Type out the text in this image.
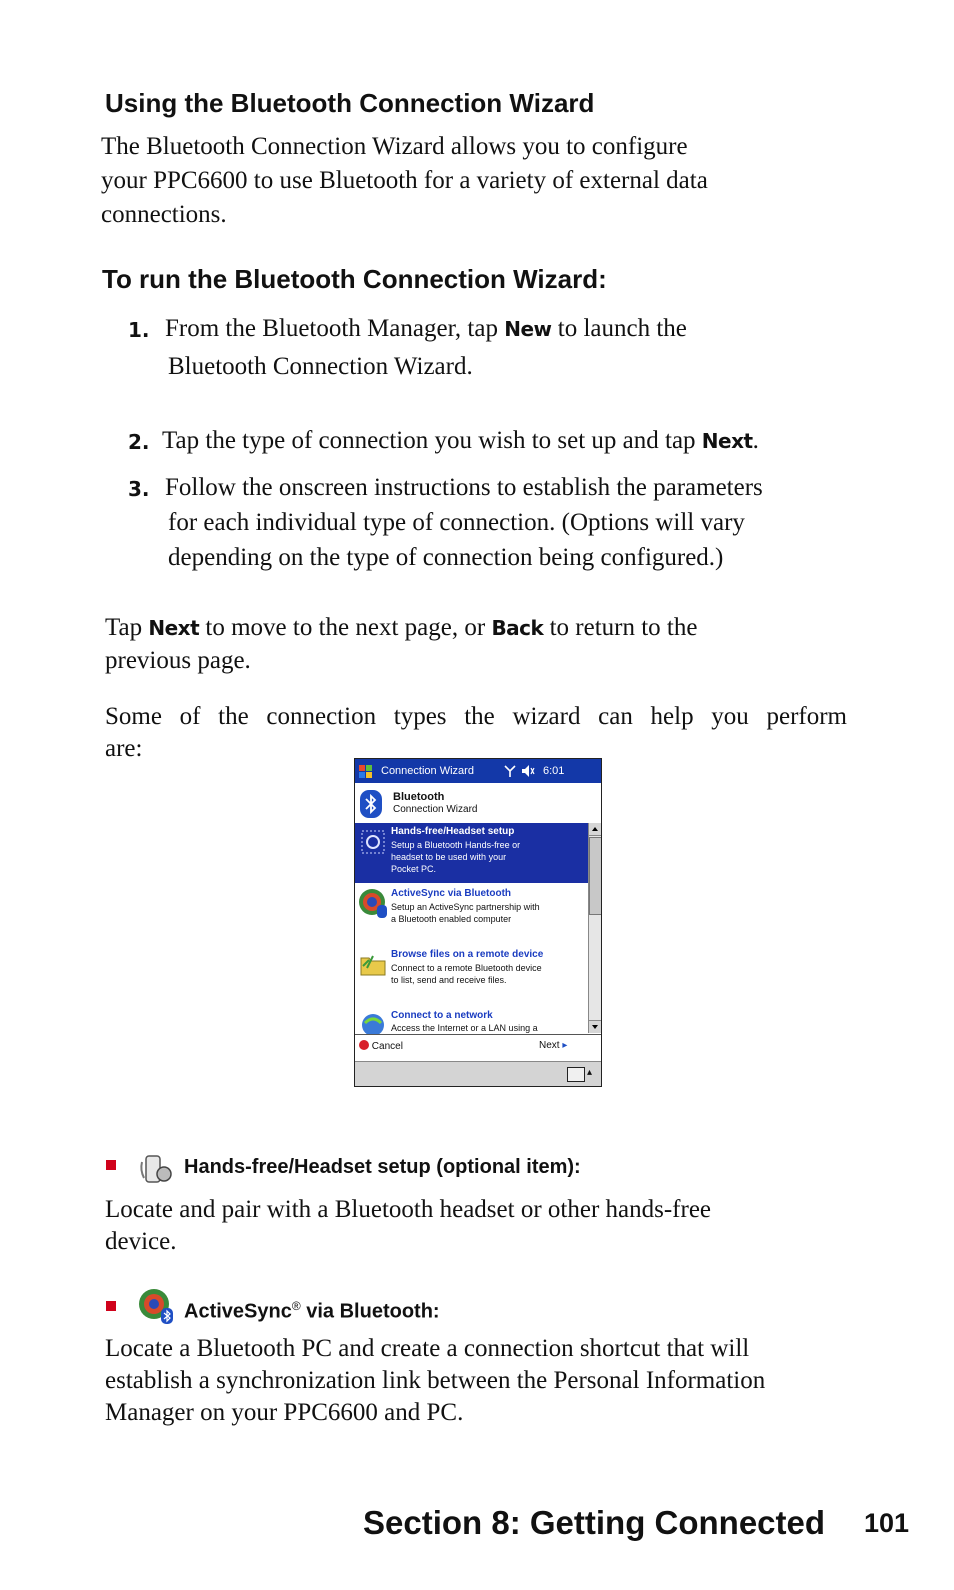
Using the Bluetooth Connection Wizard
The Bluetooth Connection Wizard allows you to configure
your PPC6600 to use Bluetooth for a variety of external data
connections.
To run the Bluetooth Connection Wizard:
1. From the Bluetooth Manager, tap New to launch the
Bluetooth Connection Wizard.
2. Tap the type of connection you wish to set up and tap Next.
3. Follow the onscreen instructions to establish the parameters
for each individual type of connection. (Options will vary
depending on the type of connection being configured.)
Tap Next to move to the next page, or Back to return to the
previous page.
Some of the connection types the wizard can help you perform
are:
Connection Wizard	6:01
Bluetooth
Connection Wizard
Hands-free/Headset setup
Setup a Bluetooth Hands-free or
headset to be used with your
Pocket PC.
ActiveSync via Bluetooth
Setup an ActiveSync partnership with
a Bluetooth enabled computer
Browse files on a remote device
Connect to a remote Bluetooth device
to list, send and receive files.
Connect to a network
Access the Internet or a LAN using a
Cancel	Next ▸
▴
Hands-free/Headset setup (optional item):
Locate and pair with a Bluetooth headset or other hands-free
device.
ActiveSync® via Bluetooth:
Locate a Bluetooth PC and create a connection shortcut that will
establish a synchronization link between the Personal Information
Manager on your PPC6600 and PC.
Section 8: Getting Connected 101
